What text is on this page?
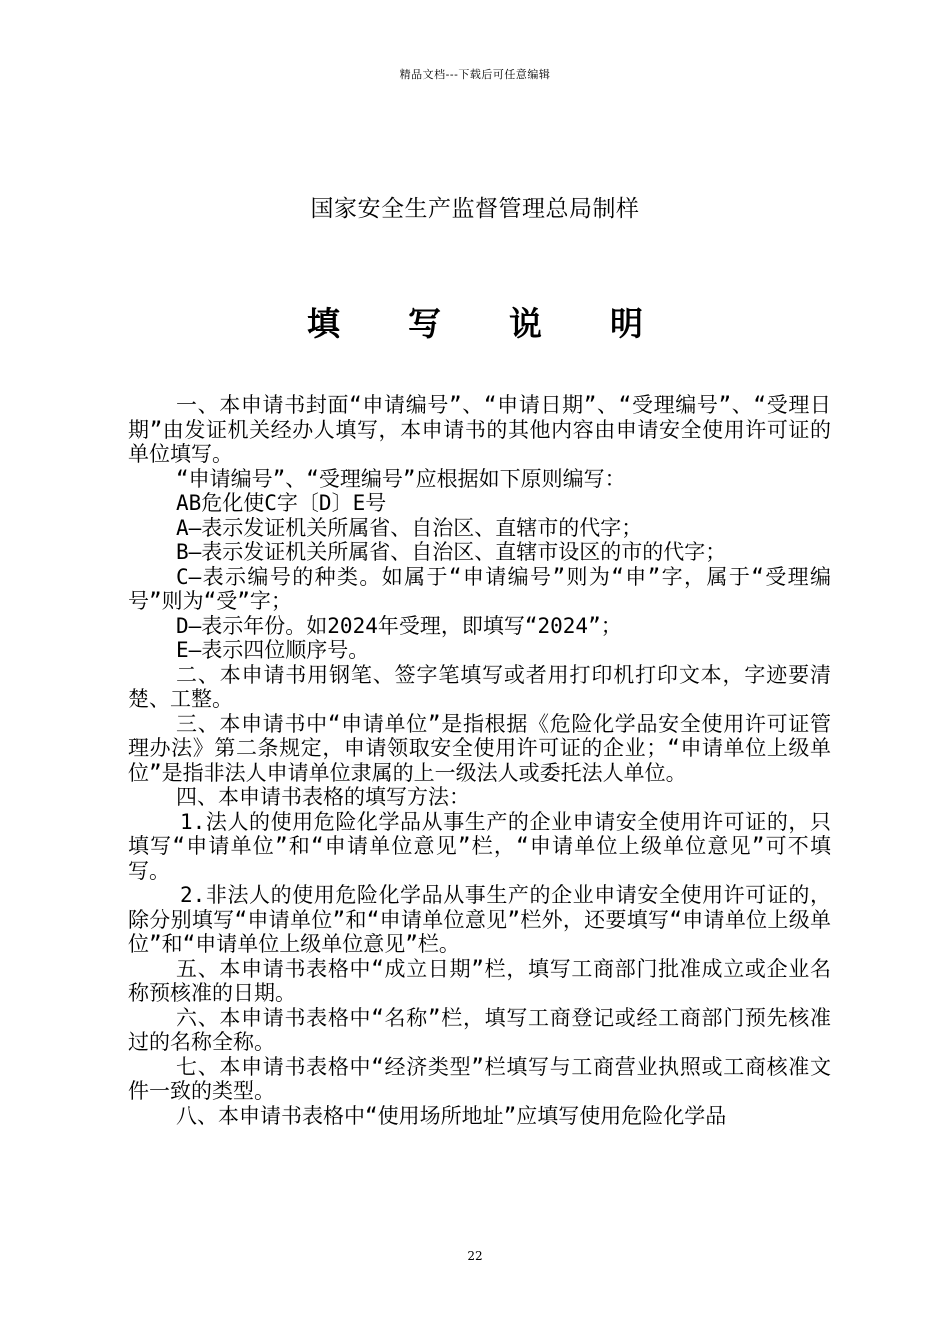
精品文档---下载后可任意编辑
国家安全生产监督管理总局制样
填 写 说 明

一、本申请书封面“申请编号”、“申请日期”、“受理编号”、“受理日期”由发证机关经办人填写，本申请书的其他内容由申请安全使用许可证的单位填写。

“申请编号”、“受理编号”应根据如下原则编写：

AB危化使C字〔D〕E号

A—表示发证机关所属省、自治区、直辖市的代字；

B—表示发证机关所属省、自治区、直辖市设区的市的代字；

C—表示编号的种类。如属于“申请编号”则为“申”字，属于“受理编号”则为“受”字；

D—表示年份。如2024年受理，即填写“2024”；

E—表示四位顺序号。

二、本申请书用钢笔、签字笔填写或者用打印机打印文本，字迹要清楚、工整。

三、本申请书中“申请单位”是指根据《危险化学品安全使用许可证管理办法》第二条规定，申请领取安全使用许可证的企业；“申请单位上级单位”是指非法人申请单位隶属的上一级法人或委托法人单位。

四、本申请书表格的填写方法：

1.法人的使用危险化学品从事生产的企业申请安全使用许可证的，只填写“申请单位”和“申请单位意见”栏，“申请单位上级单位意见”可不填写。

2.非法人的使用危险化学品从事生产的企业申请安全使用许可证的，除分别填写“申请单位”和“申请单位意见”栏外，还要填写“申请单位上级单位”和“申请单位上级单位意见”栏。

五、本申请书表格中“成立日期”栏，填写工商部门批准成立或企业名称预核准的日期。

六、本申请书表格中“名称”栏，填写工商登记或经工商部门预先核准过的名称全称。

七、本申请书表格中“经济类型”栏填写与工商营业执照或工商核准文件一致的类型。

八、本申请书表格中“使用场所地址”应填写使用危险化学品

22
